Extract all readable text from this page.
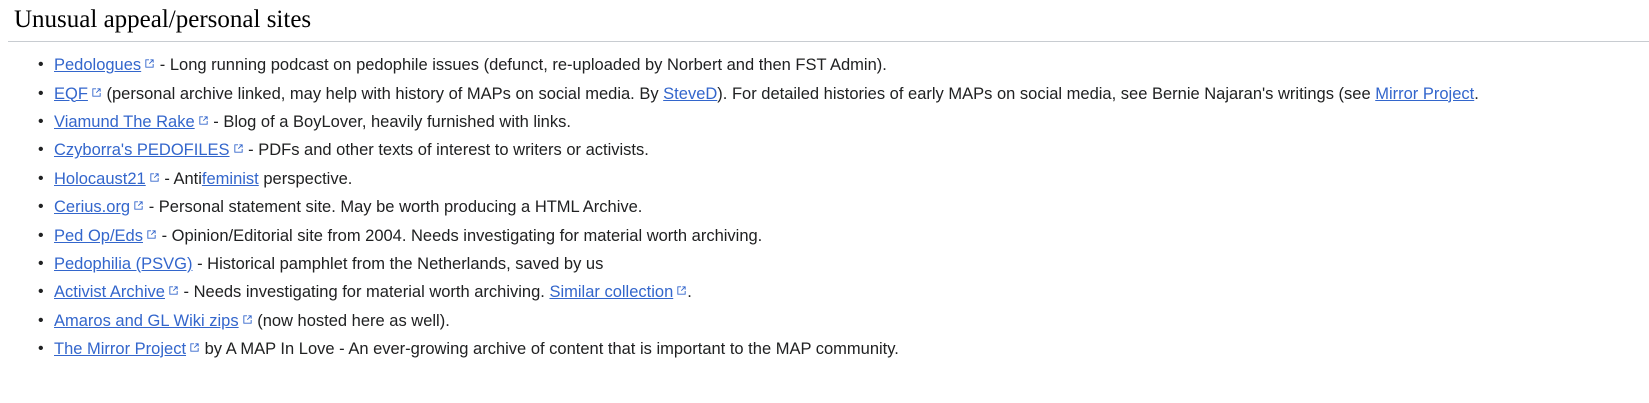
Unusual appeal/personal sites
• Pedologues
- Long running podcast on pedophile issues (defunct, re-uploaded by Norbert and then FST Admin).
• EQF
(personal archive linked, may help with history of MAPs on social media. By SteveD). For detailed histories of early MAPs on social media, see Bernie Najaran's writings (see Mirror Project.
• Viamund The Rake
- Blog of a BoyLover, heavily furnished with links.
• Czyborra's PEDOFILES
- PDFs and other texts of interest to writers or activists.
• Holocaust21
- Antifeminist perspective.
• Cerius.org
- Personal statement site. May be worth producing a HTML Archive.
• Ped Op/Eds
- Opinion/Editorial site from 2004. Needs investigating for material worth archiving.
• Pedophilia (PSVG) - Historical pamphlet from the Netherlands, saved by us
• Activist Archive
- Needs investigating for material worth archiving. Similar collection .
• Amaros and GL Wiki zips
(now hosted here as well).
• The Mirror Project
by A MAP In Love - An ever-growing archive of content that is important to the MAP community.
